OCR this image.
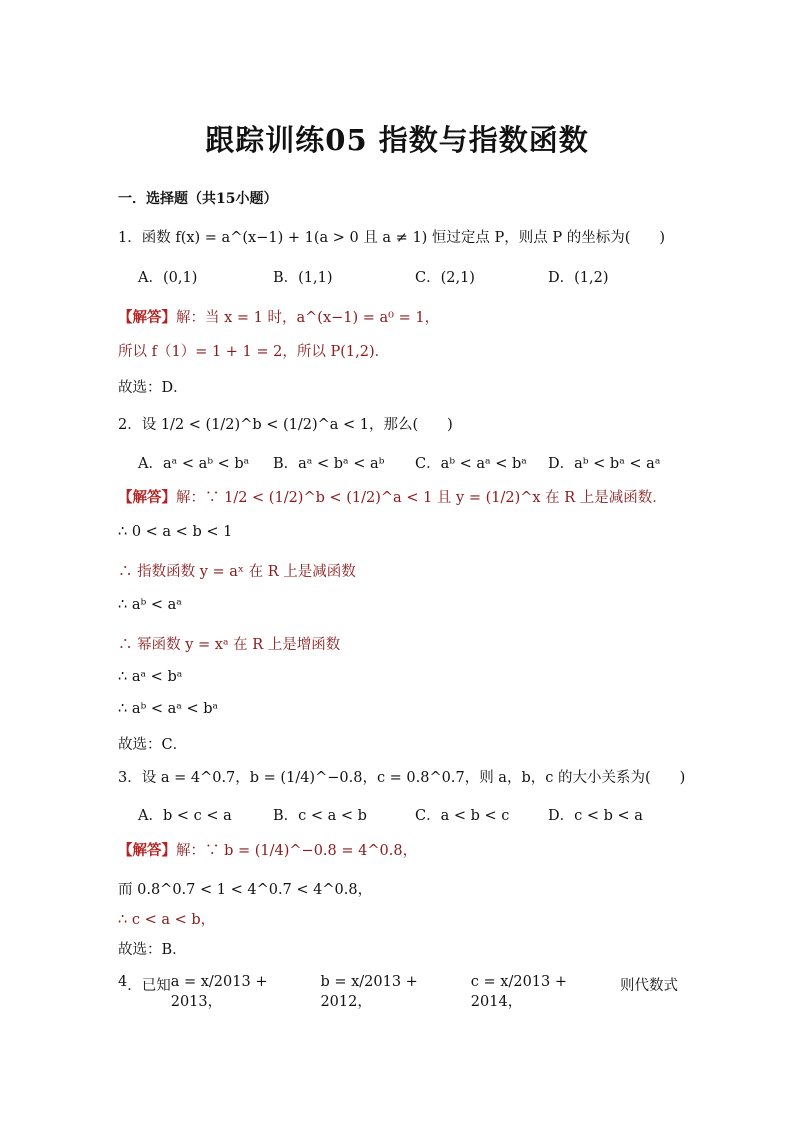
跟踪训练05 指数与指数函数
一．选择题（共15小题）
1．函数 f(x) = a^(x−1) + 1(a > 0 且 a ≠ 1) 恒过定点 P，则点 P 的坐标为(　　)
A．(0,1)	B．(1,1)	C．(2,1)	D．(1,2)
【解答】解：当 x = 1 时，a^(x−1) = a⁰ = 1，
所以 f（1）= 1 + 1 = 2，所以 P(1,2)．
故选：D．
2．设 1/2 < (1/2)^b < (1/2)^a < 1，那么(　　)
A．aᵃ < aᵇ < bᵃ B．aᵃ < bᵃ < aᵇ C．aᵇ < aᵃ < bᵃ D．aᵇ < bᵃ < aᵃ
【解答】解：∵ 1/2 < (1/2)^b < (1/2)^a < 1 且 y = (1/2)^x 在 R 上是减函数．
∴ 0 < a < b < 1
∴ 指数函数 y = aˣ 在 R 上是减函数
∴ aᵇ < aᵃ
∴ 幂函数 y = xᵃ 在 R 上是增函数
∴ aᵃ < bᵃ
∴ aᵇ < aᵃ < bᵃ
故选：C．
3．设 a = 4^0.7，b = (1/4)^−0.8，c = 0.8^0.7，则 a，b，c 的大小关系为(　　)
A．b < c < a	B．c < a < b	C．a < b < c	D．c < b < a
【解答】解：∵ b = (1/4)^−0.8 = 4^0.8，
而 0.8^0.7 < 1 < 4^0.7 < 4^0.8，
∴ c < a < b，
故选：B．
4 ． 已 知 a = x/2013 + 2013，
b = x/2013 + 2012，
c = x/2013 + 2014，
则 代 数 式
